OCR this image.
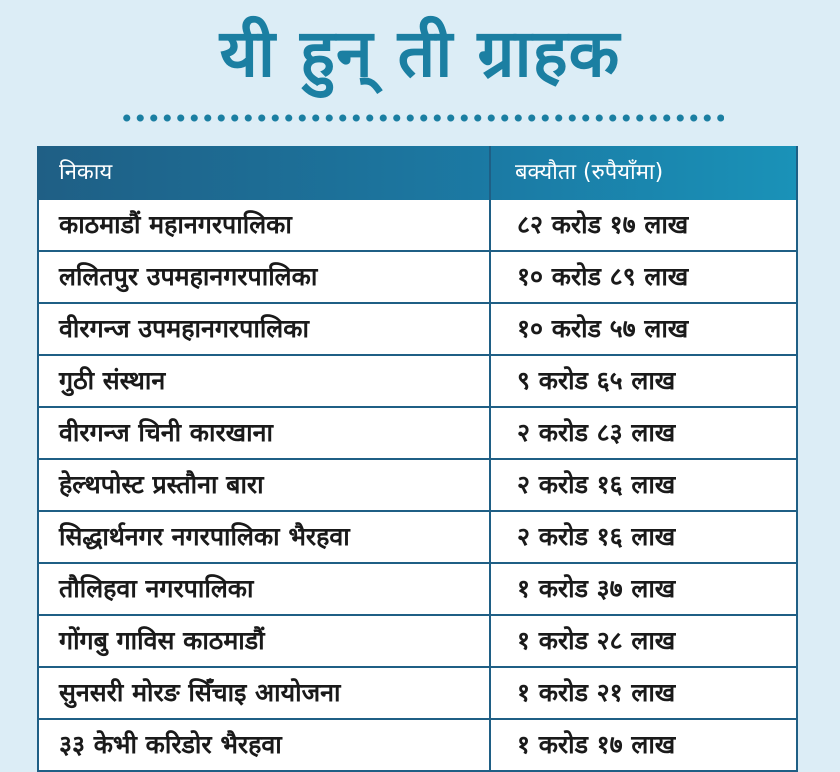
यी हुन् ती ग्राहक
निकाय	बक्यौता (रुपैयाँमा)
काठमाडौं महानगरपालिका	८२ करोड १७ लाख
ललितपुर उपमहानगरपालिका	१० करोड ८९ लाख
वीरगन्ज उपमहानगरपालिका	१० करोड ५७ लाख
गुठी संस्थान	९ करोड ६५ लाख
वीरगन्ज चिनी कारखाना	२ करोड ८३ लाख
हेल्थपोस्ट प्रस्तौना बारा	२ करोड १६ लाख
सिद्धार्थनगर नगरपालिका भैरहवा	२ करोड १६ लाख
तौलिहवा नगरपालिका	१ करोड ३७ लाख
गोंगबु गाविस काठमाडौं	१ करोड २८ लाख
सुनसरी मोरङ सिँचाइ आयोजना	१ करोड २१ लाख
३३ केभी करिडोर भैरहवा	१ करोड १७ लाख
